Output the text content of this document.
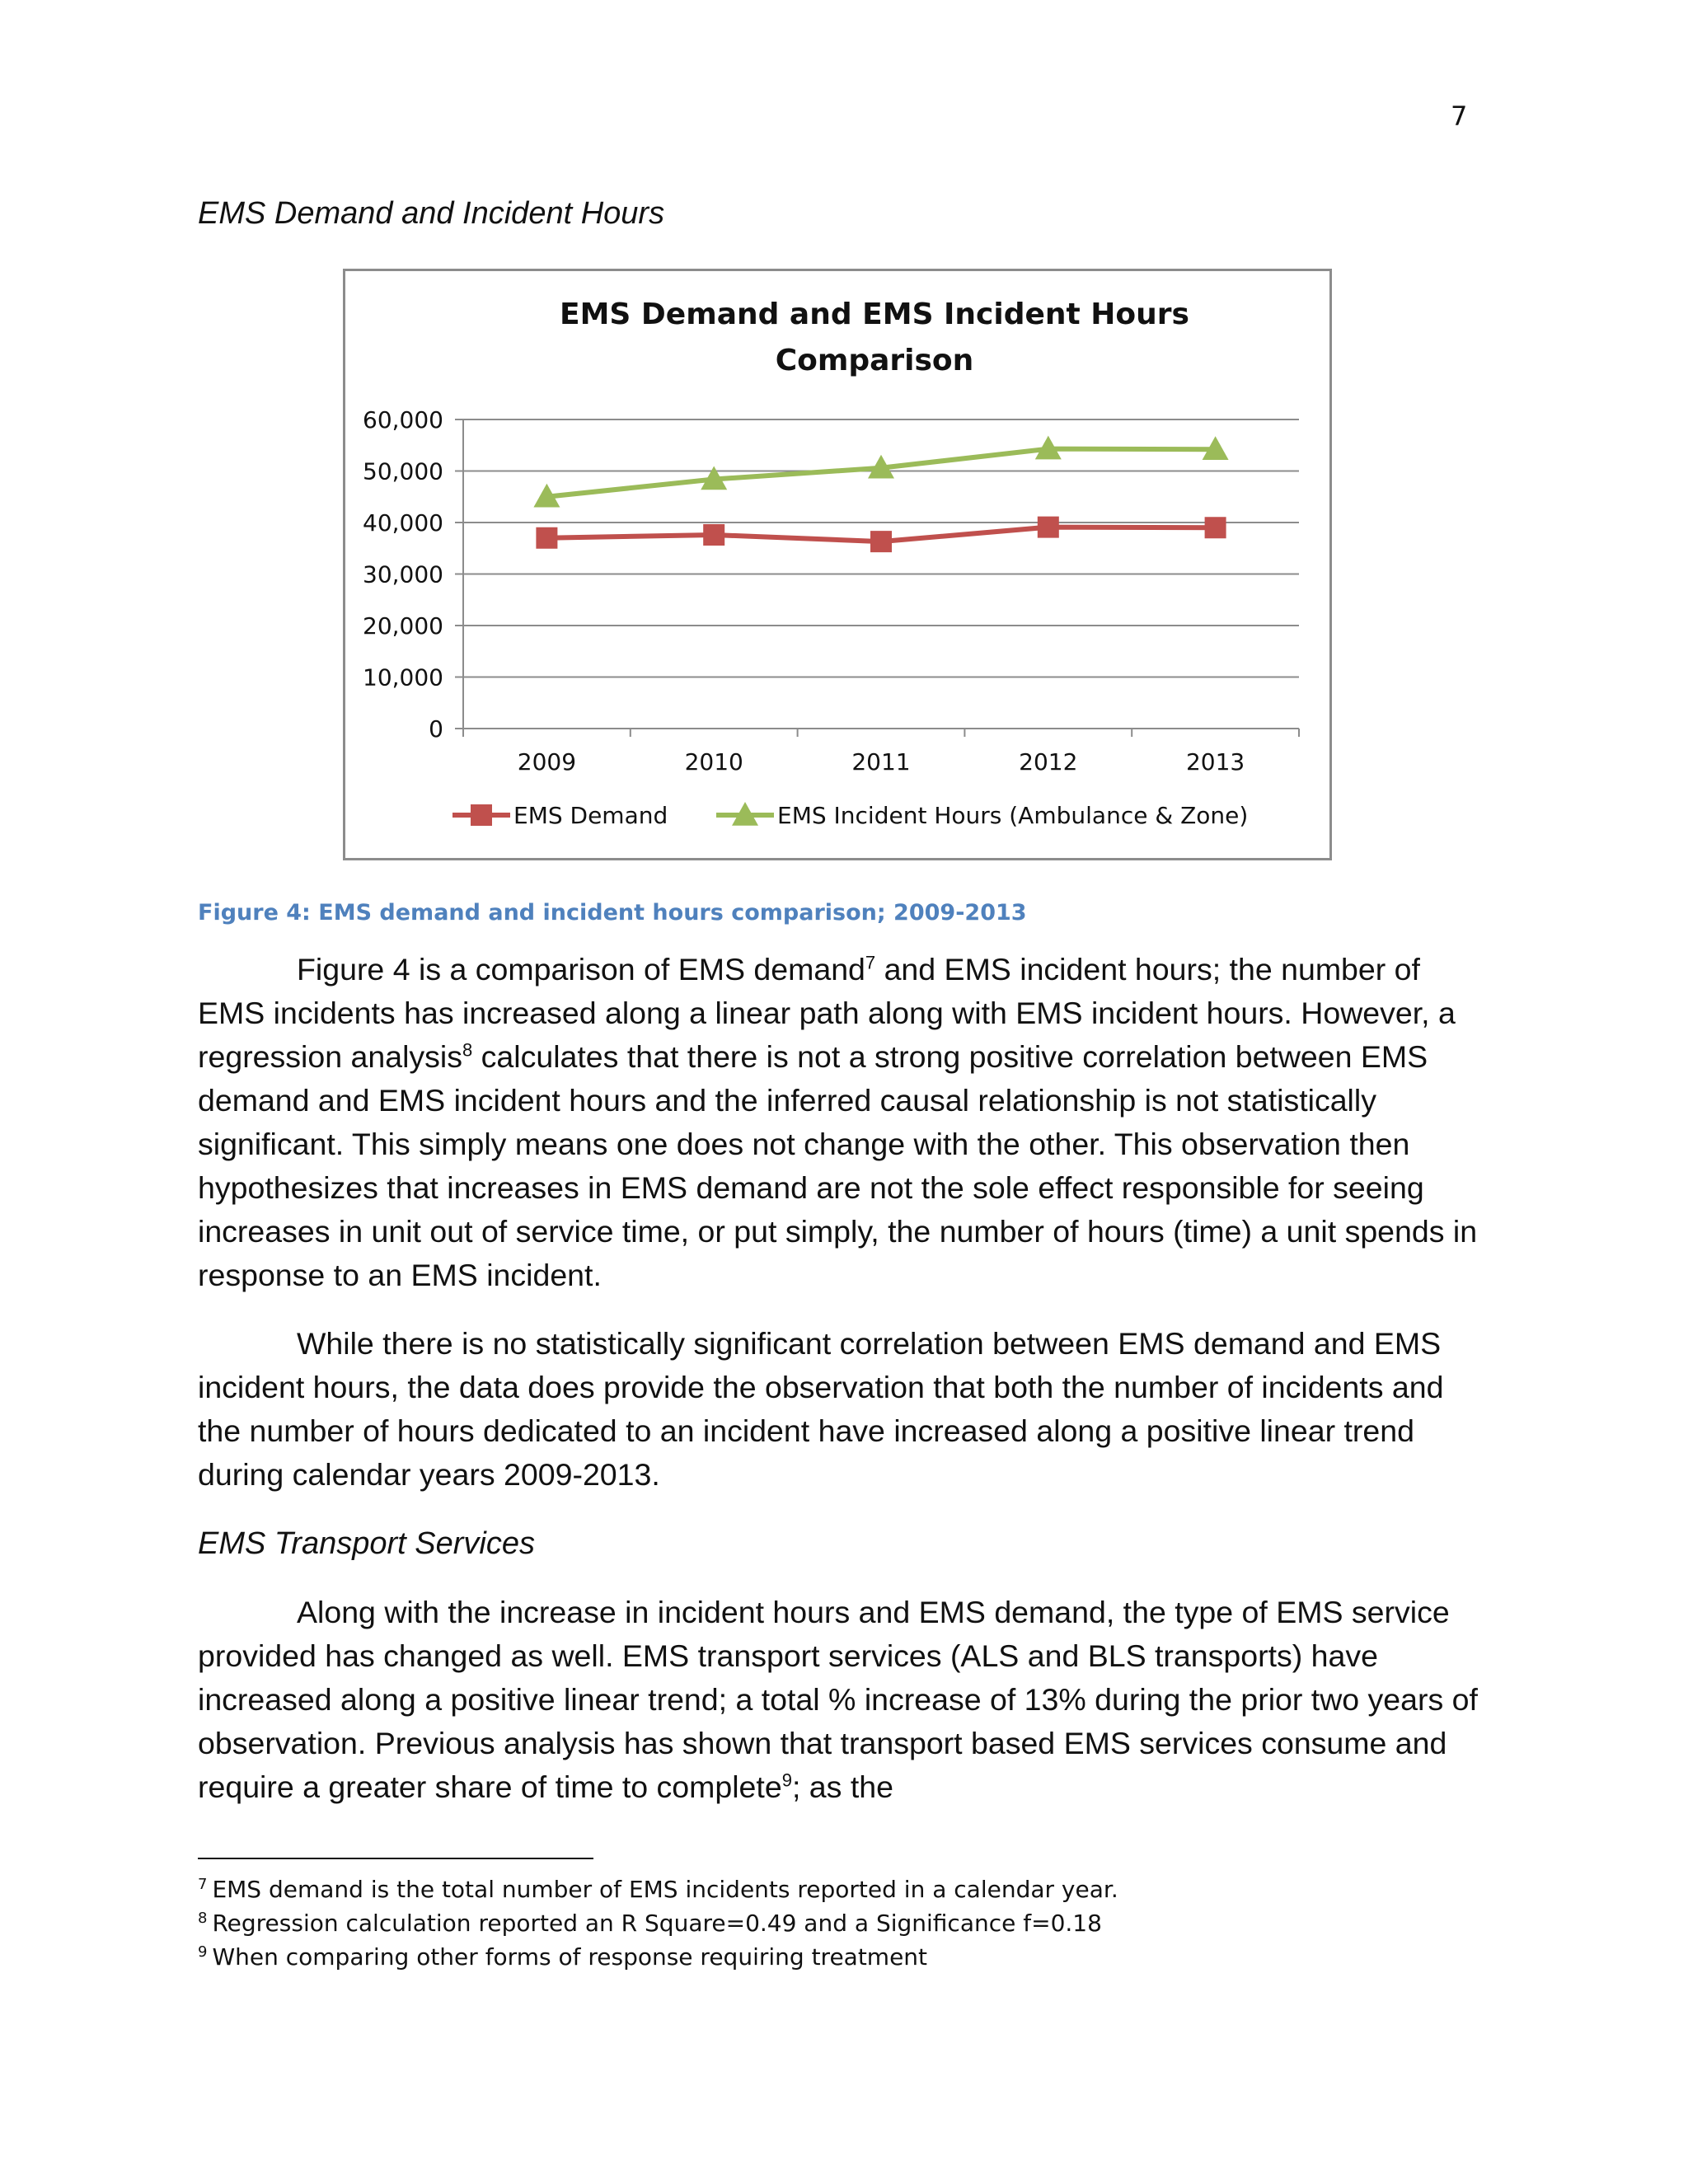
7
EMS Demand and Incident Hours
EMS Demand and EMS Incident Hours
Comparison
0
10,000
20,000
30,000
40,000
50,000
60,000
2009	2010	2011	2012	2013
EMS Demand	EMS Incident Hours (Ambulance & Zone)
Figure 4: EMS demand and incident hours comparison; 2009-2013

Figure 4 is a comparison of EMS demand$^7$ and EMS incident hours; the number of EMS incidents has increased along a linear path along with EMS incident hours. However, a regression analysis$^8$ calculates that there is not a strong positive correlation between EMS demand and EMS incident hours and the inferred causal relationship is not statistically significant. This simply means one does not change with the other. This observation then hypothesizes that increases in EMS demand are not the sole effect responsible for seeing increases in unit out of service time, or put simply, the number of hours (time) a unit spends in response to an EMS incident.

While there is no statistically significant correlation between EMS demand and EMS incident hours, the data does provide the observation that both the number of incidents and the number of hours dedicated to an incident have increased along a positive linear trend during calendar years 2009-2013.

EMS Transport Services

Along with the increase in incident hours and EMS demand, the type of EMS service provided has changed as well. EMS transport services (ALS and BLS transports) have increased along a positive linear trend; a total % increase of 13% during the prior two years of observation. Previous analysis has shown that transport based EMS services consume and require a greater share of time to complete$^9$; as the

$^7$ EMS demand is the total number of EMS incidents reported in a calendar year.
$^8$ Regression calculation reported an R Square=0.49 and a Significance f=0.18
$^9$ When comparing other forms of response requiring treatment
